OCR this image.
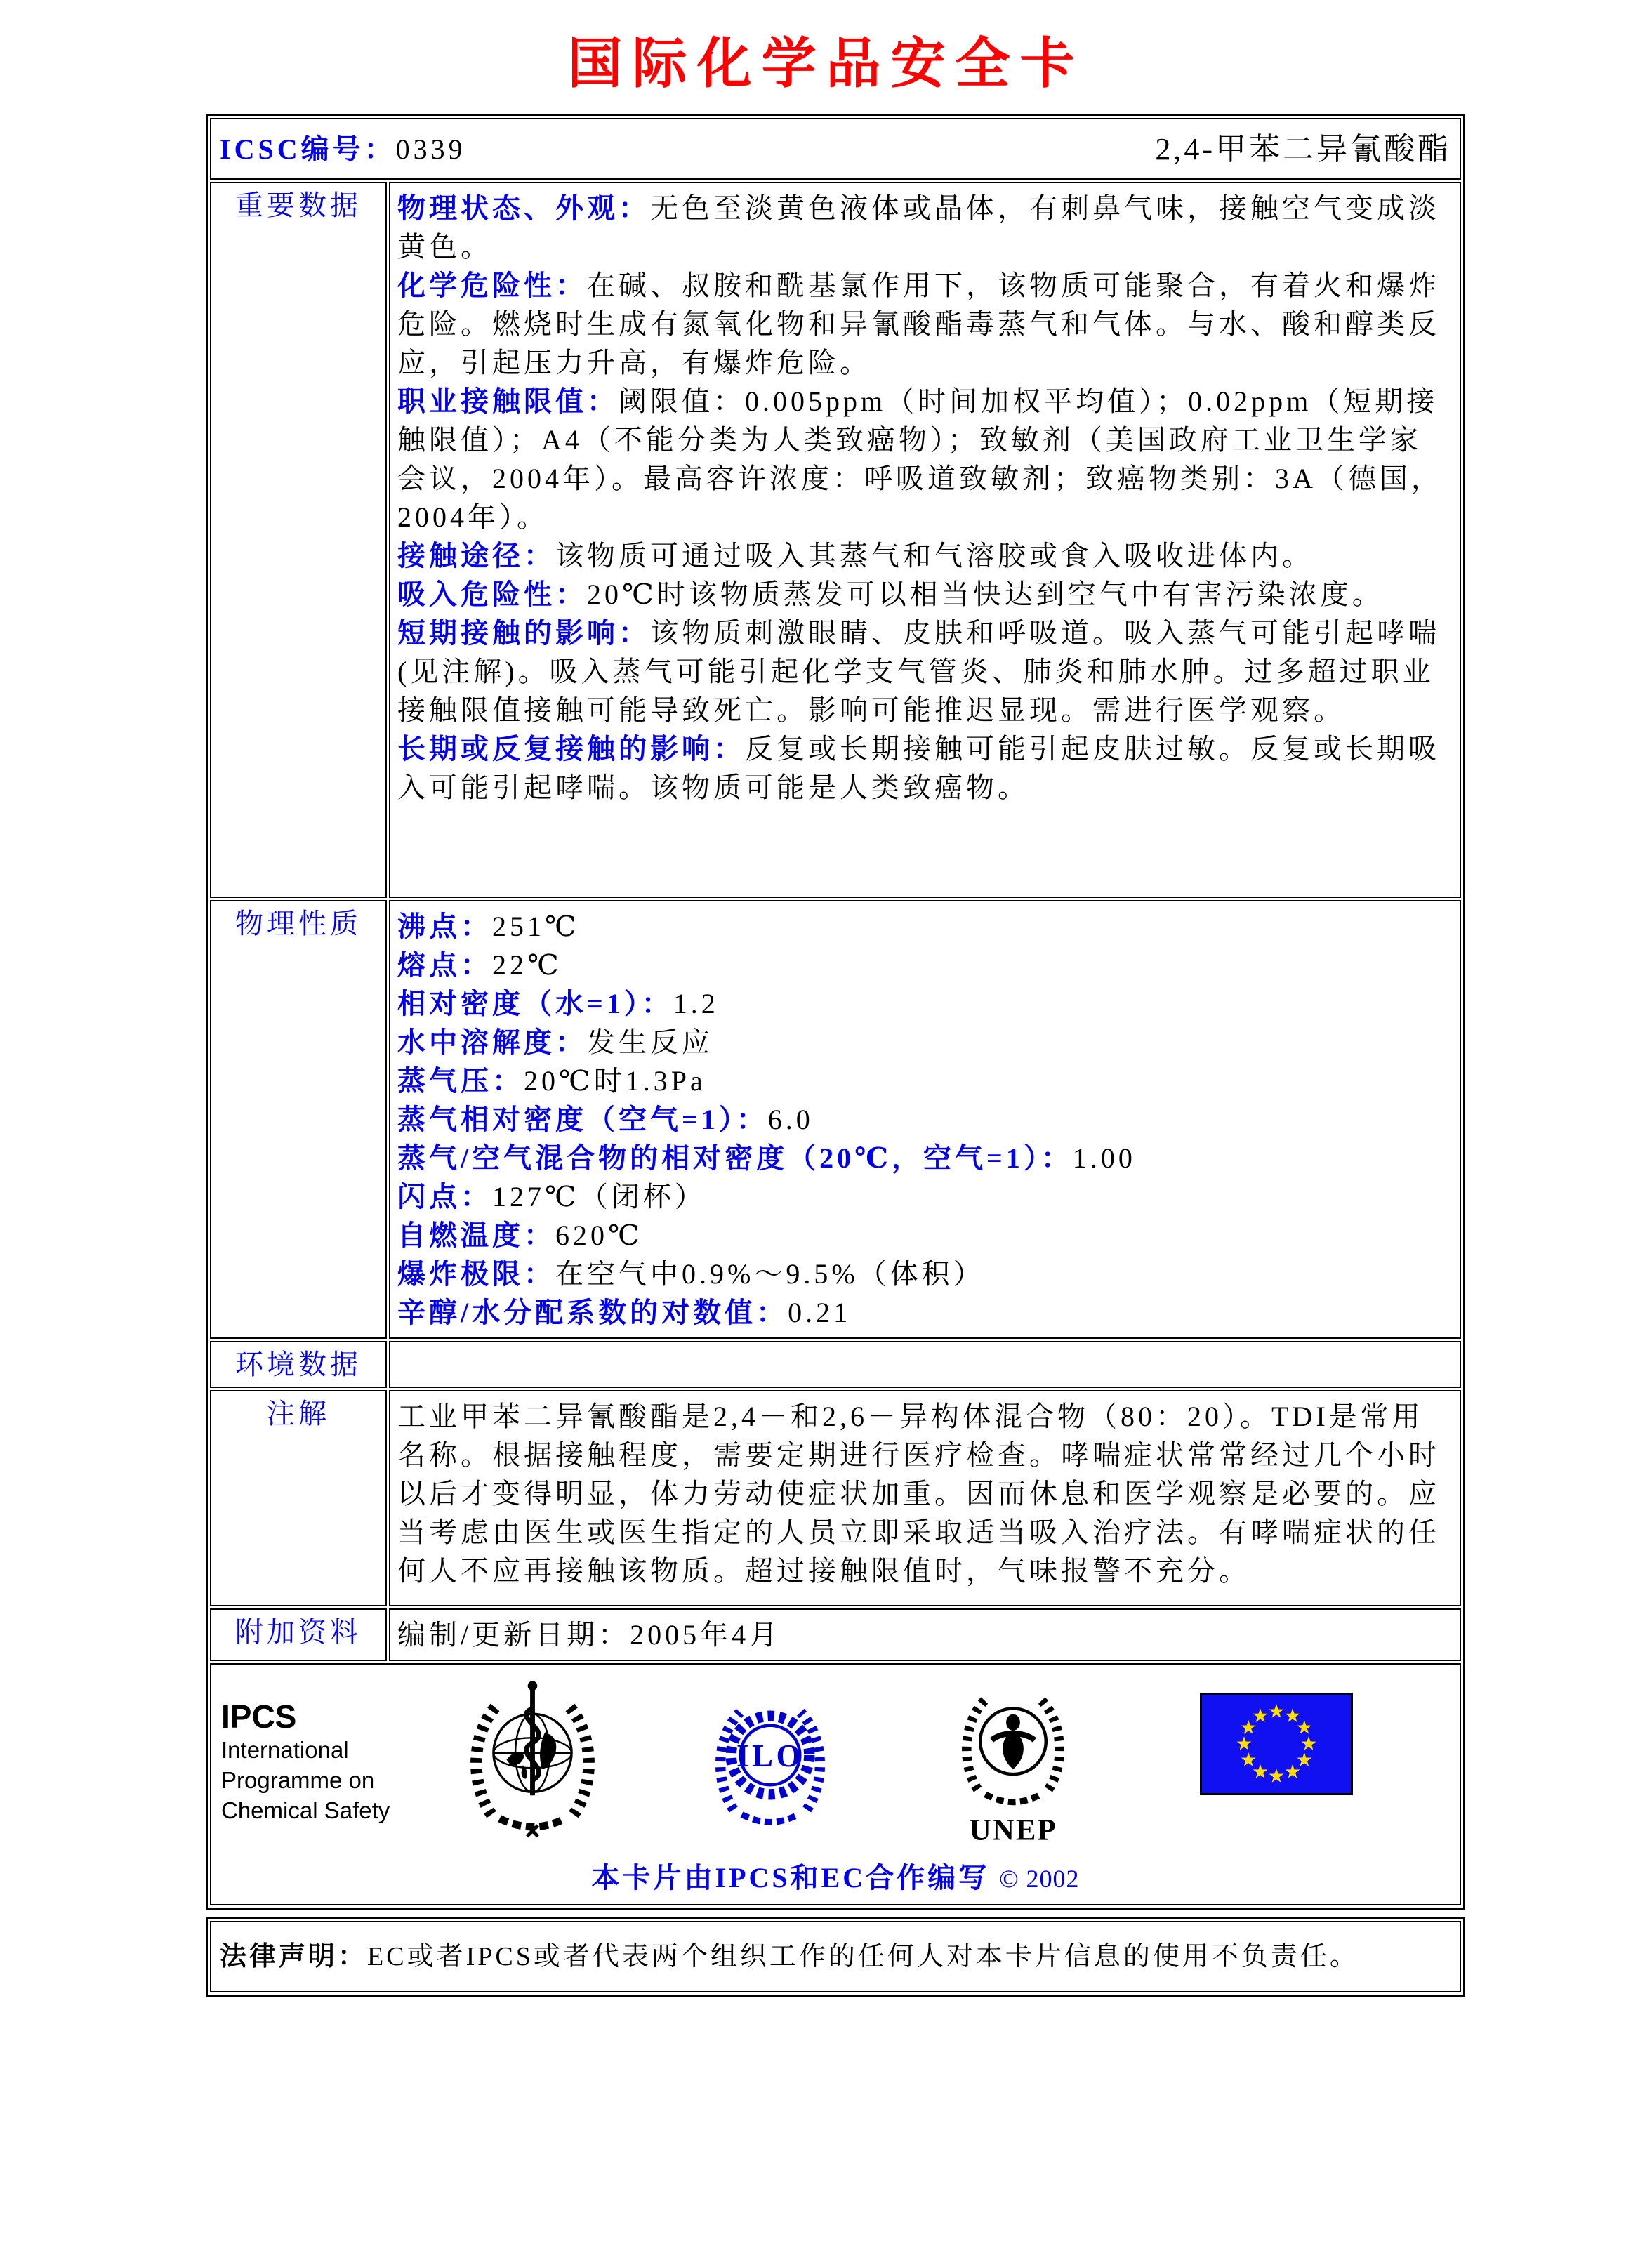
国际化学品安全卡
ICSC编号：0339 2,4-甲苯二异氰酸酯	

重要数据	物理状态、外观：无色至淡黄色液体或晶体，有刺鼻气味，接触空气变成淡黄色。

化学危险性：在碱、叔胺和酰基氯作用下，该物质可能聚合，有着火和爆炸危险。燃烧时生成有氮氧化物和异氰酸酯毒蒸气和气体。与水、酸和醇类反应，引起压力升高，有爆炸危险。

职业接触限值：阈限值：0.005ppm（时间加权平均值）；0.02ppm（短期接触限值）；A4（不能分类为人类致癌物）；致敏剂（美国政府工业卫生学家会议，2004年）。最高容许浓度：呼吸道致敏剂；致癌物类别：3A（德国，2004年）。

接触途径：该物质可通过吸入其蒸气和气溶胶或食入吸收进体内。

吸入危险性：20℃时该物质蒸发可以相当快达到空气中有害污染浓度。

短期接触的影响：该物质刺激眼睛、皮肤和呼吸道。吸入蒸气可能引起哮喘(见注解)。吸入蒸气可能引起化学支气管炎、肺炎和肺水肿。过多超过职业接触限值接触可能导致死亡。影响可能推迟显现。需进行医学观察。

长期或反复接触的影响：反复或长期接触可能引起皮肤过敏。反复或长期吸入可能引起哮喘。该物质可能是人类致癌物。

物理性质	沸点：251℃

熔点：22℃

相对密度（水=1）：1.2

水中溶解度：发生反应

蒸气压：20℃时1.3Pa

蒸气相对密度（空气=1）：6.0

蒸气/空气混合物的相对密度（20℃，空气=1）：1.00

闪点：127℃（闭杯）

自燃温度：620℃

爆炸极限：在空气中0.9%～9.5%（体积）

辛醇/水分配系数的对数值：0.21

环境数据	
注解	工业甲苯二异氰酸酯是2,4－和2,6－异构体混合物（80：20）。TDI是常用名称。根据接触程度，需要定期进行医疗检查。哮喘症状常常经过几个小时以后才变得明显，体力劳动使症状加重。因而休息和医学观察是必要的。应当考虑由医生或医生指定的人员立即采取适当吸入治疗法。有哮喘症状的任何人不应再接触该物质。超过接触限值时，气味报警不充分。
附加资料	编制/更新日期：2005年4月

IPCS
International
Programme on
Chemical Safety
ILO
UNEP
本卡片由IPCS和EC合作编写 © 2002
法律声明：EC或者IPCS或者代表两个组织工作的任何人对本卡片信息的使用不负责任。
